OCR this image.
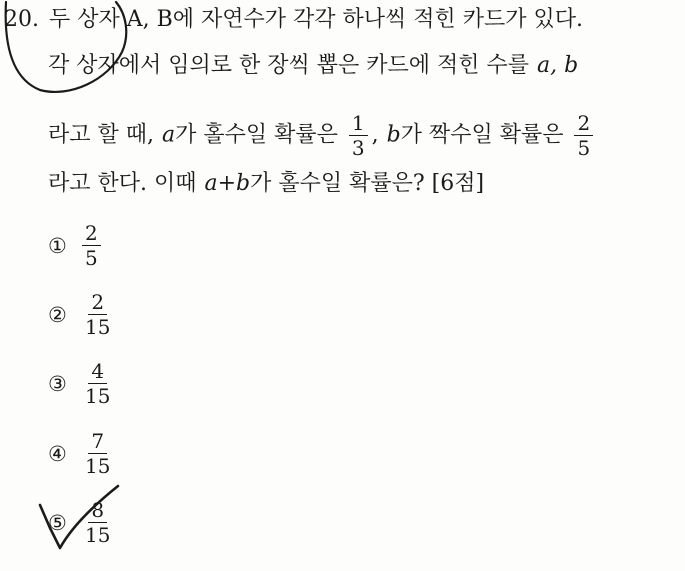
20. 두 상자 A, B에 자연수가 각각 하나씩 적힌 카드가 있다.
각 상자에서 임의로 한 장씩 뽑은 카드에 적힌 수를 a, b
라고 할 때, a가 홀수일 확률은 $\frac{1}{3}$ , b가 짝수일 확률은 $\frac{2}{5}$
라고 한다. 이때 a+b가 홀수일 확률은? [6점]
① $\frac{2}{5}$
② $\frac{2}{15}$
③ $\frac{4}{15}$
④ $\frac{7}{15}$
⑤ $\frac{8}{15}$
